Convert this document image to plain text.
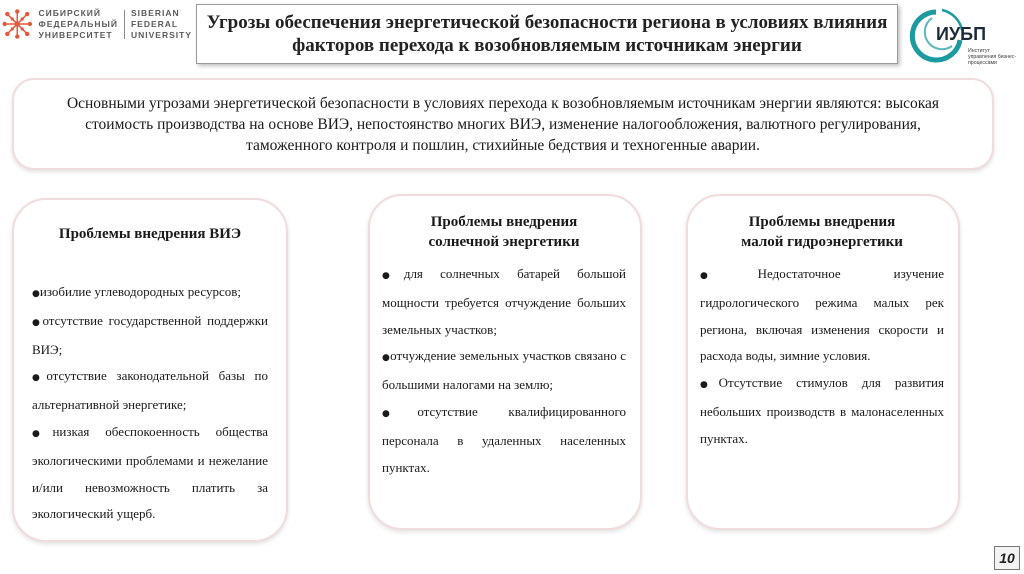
СИБИРСКИЙ
ФЕДЕРАЛЬНЫЙ
УНИВЕРСИТЕТ
SIBERIAN
FEDERAL
UNIVERSITY
Угрозы обеспечения энергетической безопасности региона в условиях влияния факторов перехода к возобновляемым источникам энергии
ИУБП
Институт управления бизнес-процессами

Основными угрозами энергетической безопасности в условиях перехода к возобновляемым источникам энергии являются: высокая стоимость производства на основе ВИЭ, непостоянство многих ВИЭ, изменение налогообложения, валютного регулирования, таможенного контроля и пошлин, стихийные бедствия и техногенные аварии.

Проблемы внедрения ВИЭ
●изобилие углеводородных ресурсов;
●отсутствие государственной поддержки ВИЭ;
●отсутствие законодательной базы по альтернативной энергетике;
●низкая обеспокоенность общества экологическими проблемами и нежелание и/или невозможность платить за экологический ущерб.
Проблемы внедрения
солнечной энергетики
●для солнечных батарей большой мощности требуется отчуждение больших земельных участков;
●отчуждение земельных участков связано с большими налогами на землю;
●отсутствие квалифицированного персонала в удаленных населенных пунктах.
Проблемы внедрения
малой гидроэнергетики
●Недостаточное изучение гидрологического режима малых рек региона, включая изменения скорости и расхода воды, зимние условия.
●Отсутствие стимулов для развития небольших производств в малонаселенных пунктах.
10
